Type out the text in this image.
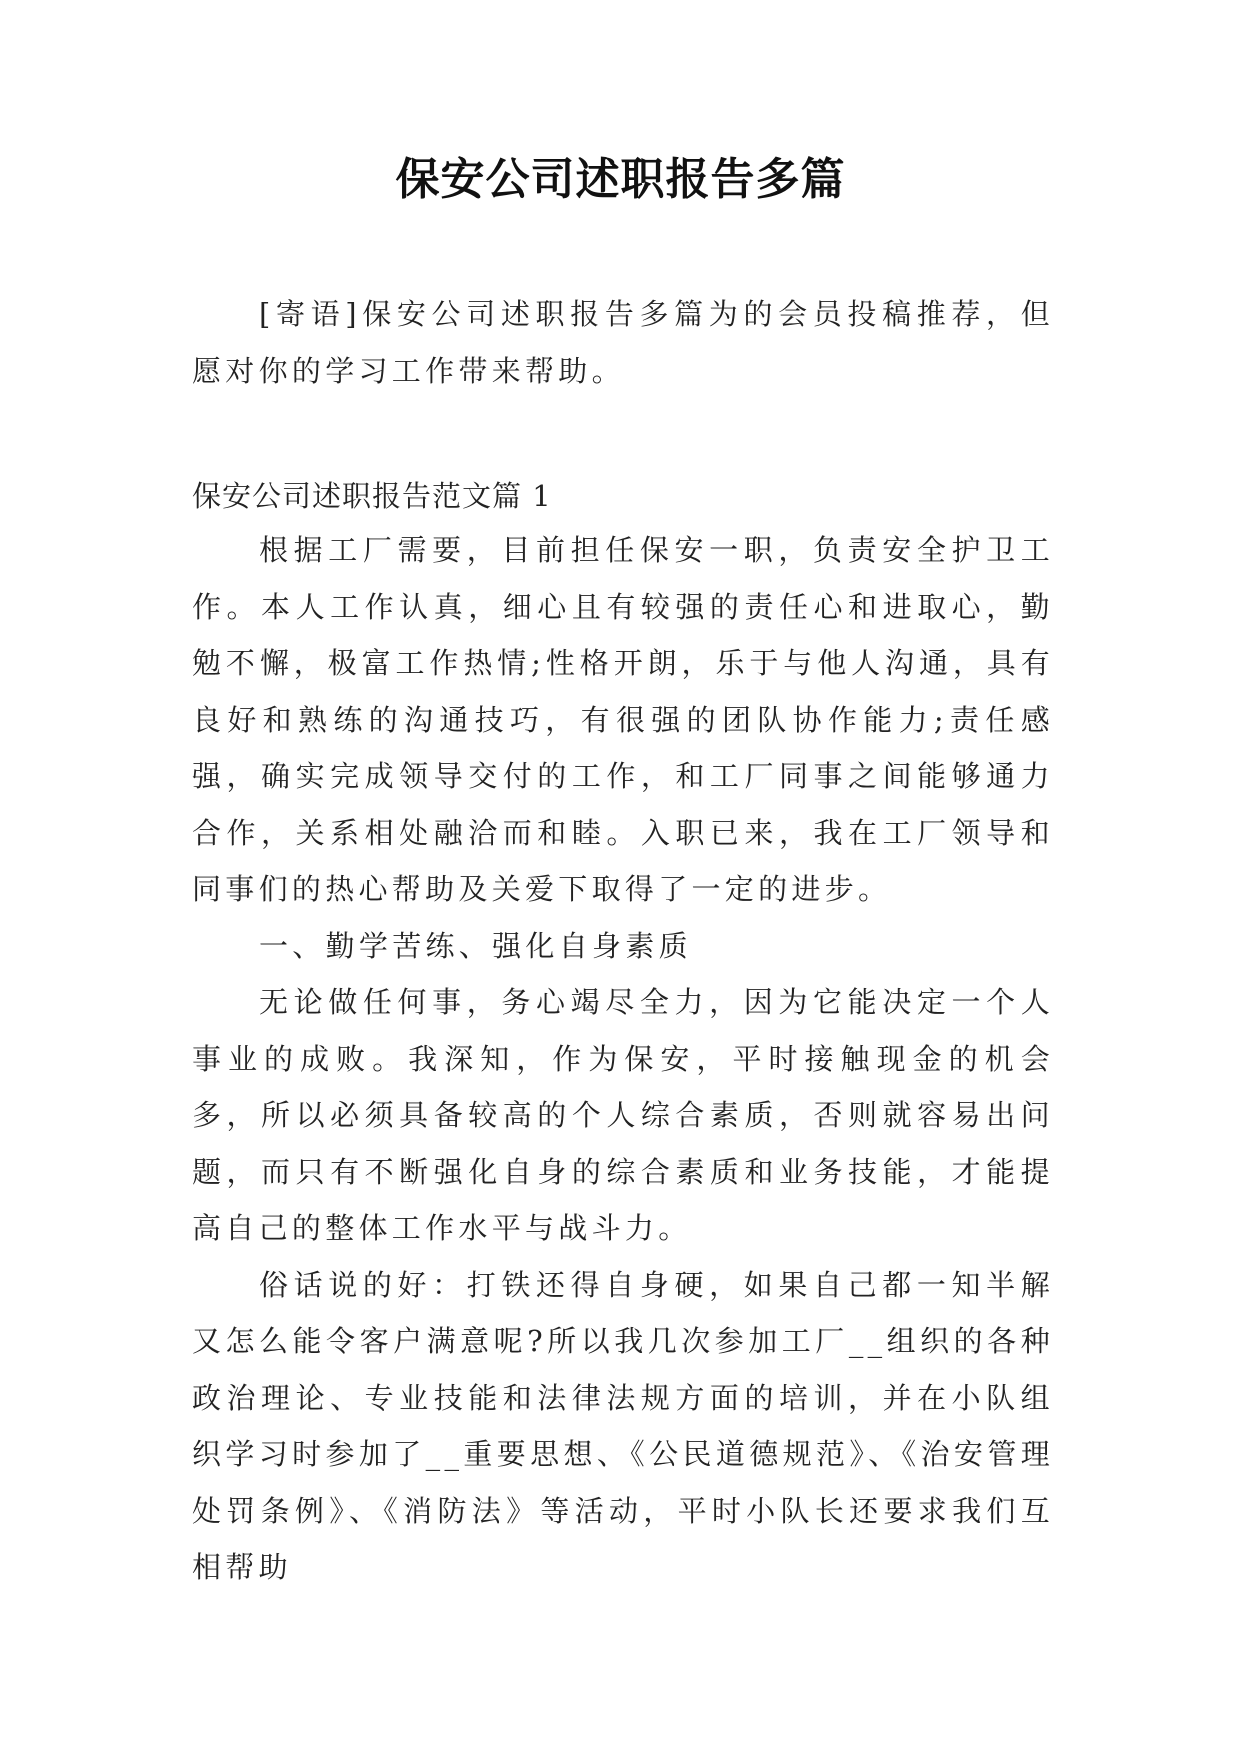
保安公司述职报告多篇

[寄语]保安公司述职报告多篇为的会员投稿推荐，但愿对你的学习工作带来帮助。

保安公司述职报告范文篇 1

根据工厂需要，目前担任保安一职，负责安全护卫工作。本人工作认真，细心且有较强的责任心和进取心，勤勉不懈，极富工作热情;性格开朗，乐于与他人沟通，具有良好和熟练的沟通技巧，有很强的团队协作能力;责任感强，确实完成领导交付的工作，和工厂同事之间能够通力合作，关系相处融洽而和睦。入职已来，我在工厂领导和同事们的热心帮助及关爱下取得了一定的进步。

一、勤学苦练、强化自身素质

无论做任何事，务心竭尽全力，因为它能决定一个人事业的成败。我深知，作为保安，平时接触现金的机会多，所以必须具备较高的个人综合素质，否则就容易出问题，而只有不断强化自身的综合素质和业务技能，才能提高自己的整体工作水平与战斗力。

俗话说的好：打铁还得自身硬，如果自己都一知半解又怎么能令客户满意呢?所以我几次参加工厂__组织的各种政治理论、专业技能和法律法规方面的培训，并在小队组织学习时参加了__重要思想、《公民道德规范》、《治安管理处罚条例》、《消防法》等活动，平时小队长还要求我们互相帮助
